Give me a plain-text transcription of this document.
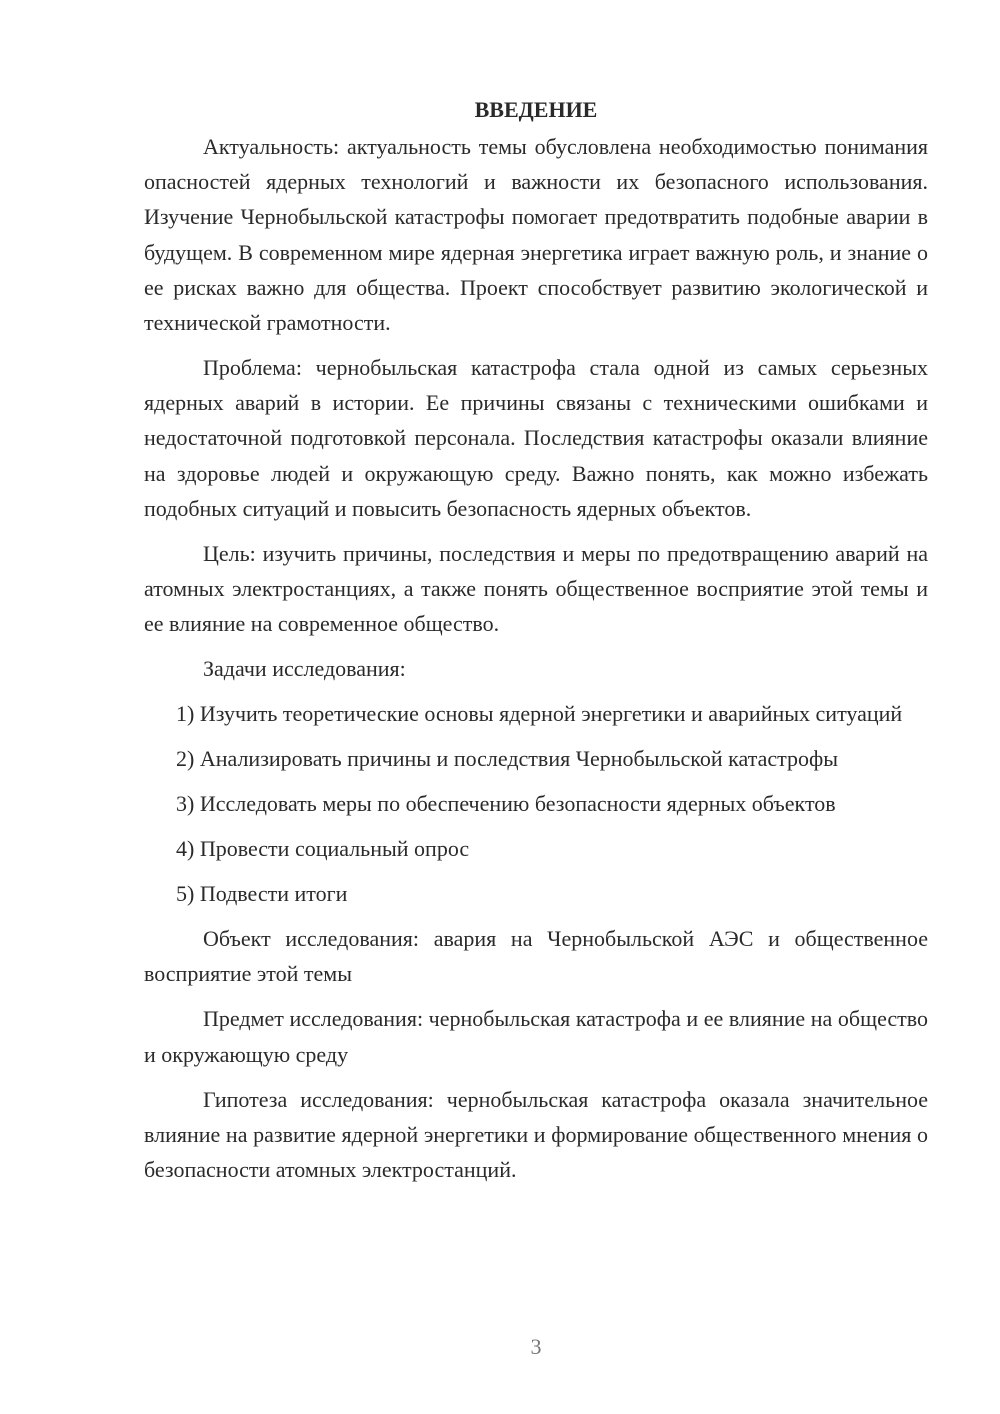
ВВЕДЕНИЕ

Актуальность: актуальность темы обусловлена необходимостью понимания опасностей ядерных технологий и важности их безопасного использования. Изучение Чернобыльской катастрофы помогает предотвратить подобные аварии в будущем. В современном мире ядерная энергетика играет важную роль, и знание о ее рисках важно для общества. Проект способствует развитию экологической и технической грамотности.

Проблема: чернобыльская катастрофа стала одной из самых серьезных ядерных аварий в истории. Ее причины связаны с техническими ошибками и недостаточной подготовкой персонала. Последствия катастрофы оказали влияние на здоровье людей и окружающую среду. Важно понять, как можно избежать подобных ситуаций и повысить безопасность ядерных объектов.

Цель: изучить причины, последствия и меры по предотвращению аварий на атомных электростанциях, а также понять общественное восприятие этой темы и ее влияние на современное общество.

Задачи исследования:

1) Изучить теоретические основы ядерной энергетики и аварийных ситуаций

2) Анализировать причины и последствия Чернобыльской катастрофы

3) Исследовать меры по обеспечению безопасности ядерных объектов

4) Провести социальный опрос

5) Подвести итоги

Объект исследования: авария на Чернобыльской АЭС и общественное восприятие этой темы

Предмет исследования: чернобыльская катастрофа и ее влияние на общество и окружающую среду

Гипотеза исследования: чернобыльская катастрофа оказала значительное влияние на развитие ядерной энергетики и формирование общественного мнения о безопасности атомных электростанций.

3
